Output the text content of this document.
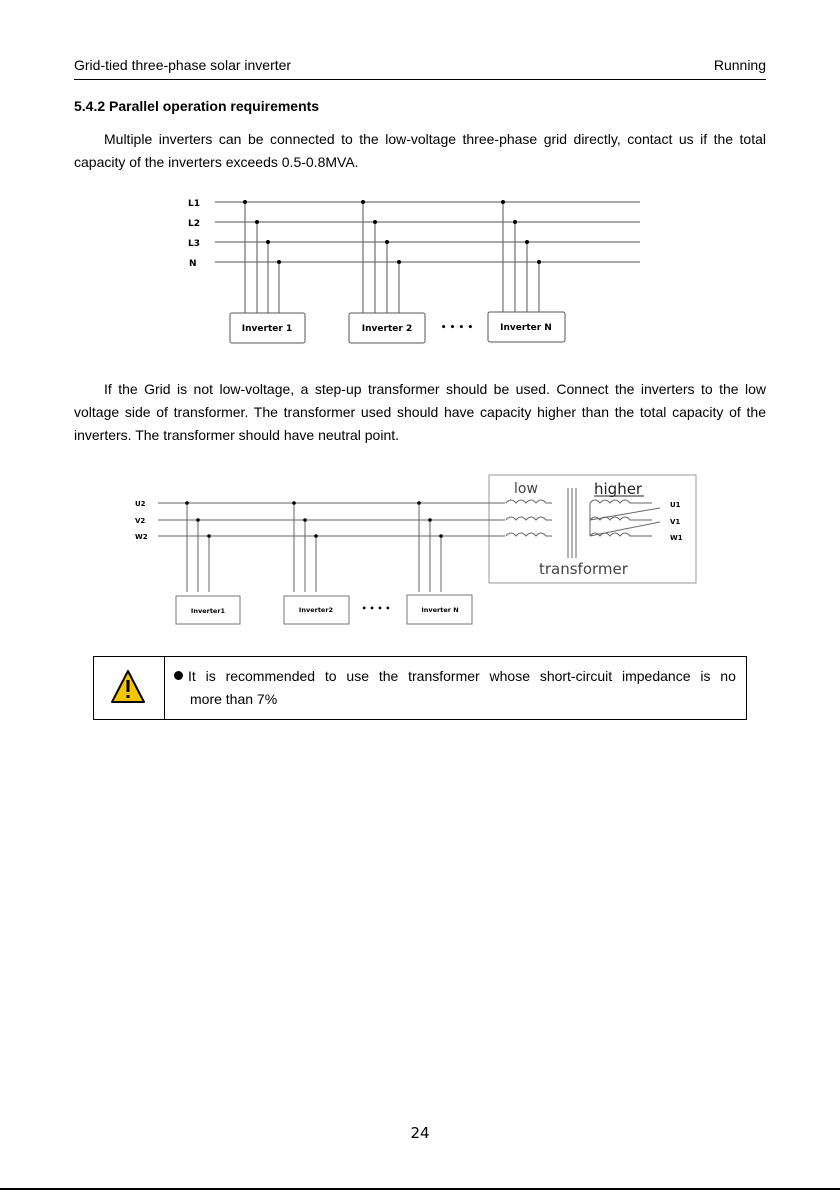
Grid-tied three-phase solar inverter	Running
5.4.2 Parallel operation requirements
Multiple inverters can be connected to the low-voltage three-phase grid directly, contact us if the total capacity of the inverters exceeds 0.5-0.8MVA.
L1
L2
L3
N
Inverter 1	Inverter 2	Inverter N
• • • •
If the Grid is not low-voltage, a step-up transformer should be used. Connect the inverters to the low voltage side of transformer. The transformer used should have capacity higher than the total capacity of the inverters. The transformer should have neutral point.
U2
V2
W2
U1
V1
W1
low	higher
transformer
Inverter1	Inverter2	Inverter N
• • • •
It is recommended to use the transformer whose short-circuit impedance is no
more than 7%
24
